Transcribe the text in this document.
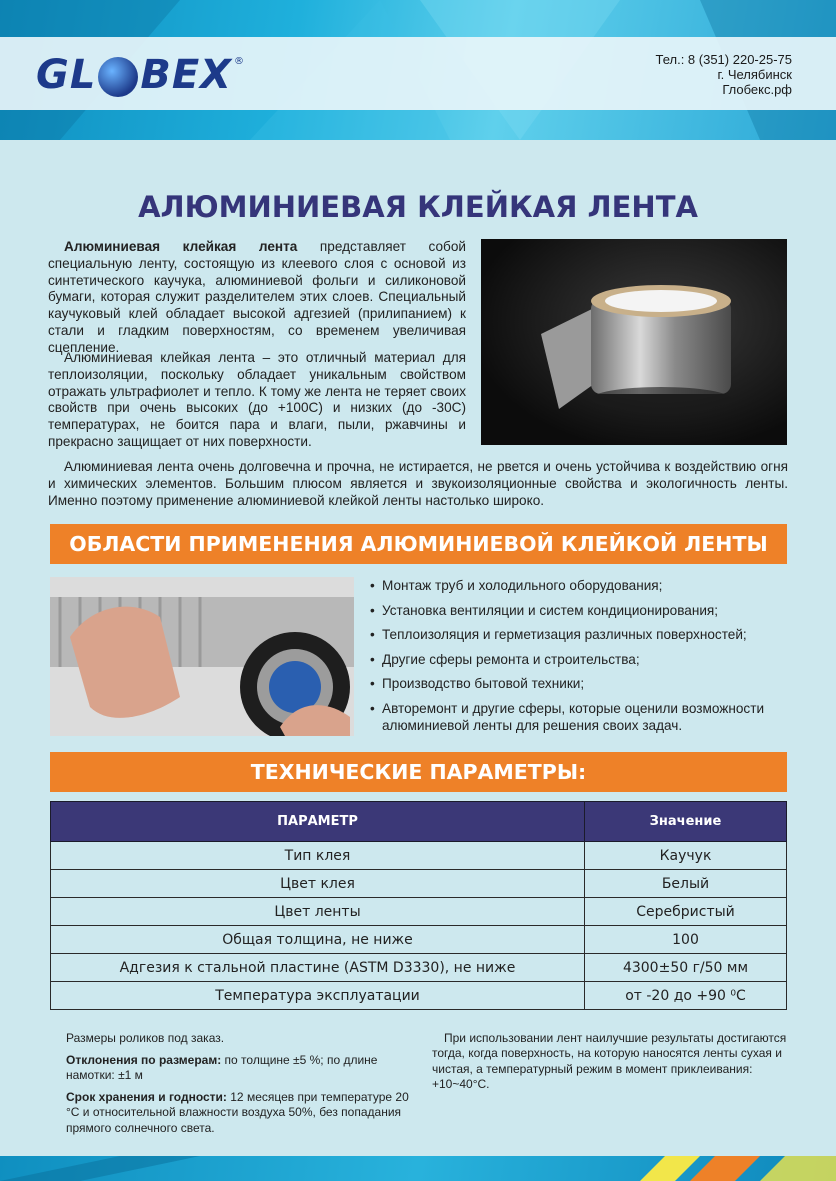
GL BEX ®	Тел.: 8 (351) 220-25-75
г. Челябинск
Глобекс.рф
АЛЮМИНИЕВАЯ КЛЕЙКАЯ ЛЕНТА

Алюминиевая клейкая лента представляет собой специальную ленту, состоящую из клеевого слоя с основой из синтетического каучука, алюминиевой фольги и силиконовой бумаги, которая служит разделителем этих слоев. Специальный каучуковый клей обладает высокой адгезией (прилипанием) к стали и гладким поверхностям, со временем увеличивая сцепление.

Алюминиевая клейкая лента – это отличный материал для теплоизоляции, поскольку обладает уникальным свойством отражать ультрафиолет и тепло. К тому же лента не теряет своих свойств при очень высоких (до +100С) и низких (до -30С) температурах, не боится пара и влаги, пыли, ржавчины и прекрасно защищает от них поверхности.

Алюминиевая лента очень долговечна и прочна, не истирается, не рвется и очень устойчива к воздействию огня и химических элементов. Большим плюсом является и звукоизоляционные свойства и экологичность ленты. Именно поэтому применение алюминиевой клейкой ленты настолько широко.

ОБЛАСТИ ПРИМЕНЕНИЯ АЛЮМИНИЕВОЙ КЛЕЙКОЙ ЛЕНТЫ
• Монтаж труб и холодильного оборудования;
• Установка вентиляции и систем кондиционирования;
• Теплоизоляция и герметизация различных поверхностей;
• Другие сферы ремонта и строительства;
• Производство бытовой техники;
• Авторемонт и другие сферы, которые оценили возможности алюминиевой ленты для решения своих задач.
ТЕХНИЧЕСКИЕ ПАРАМЕТРЫ:
ПАРАМЕТР	Значение
Тип клея	Каучук
Цвет клея	Белый
Цвет ленты	Серебристый
Общая толщина, не ниже	100
Адгезия к стальной пластине (ASTM D3330), не ниже	4300±50 г/50 мм
Температура эксплуатации	от -20 до +90 ⁰С

Размеры роликов под заказ.

Отклонения по размерам: по толщине ±5 %; по длине намотки: ±1 м

Срок хранения и годности: 12 месяцев при температуре 20 °С и относительной влажности воздуха 50%, без попадания прямого солнечного света.

При использовании лент наилучшие результаты достигаются тогда, когда поверхность, на которую наносятся ленты сухая и чистая, а температурный режим в момент приклеивания: +10~40°С.
